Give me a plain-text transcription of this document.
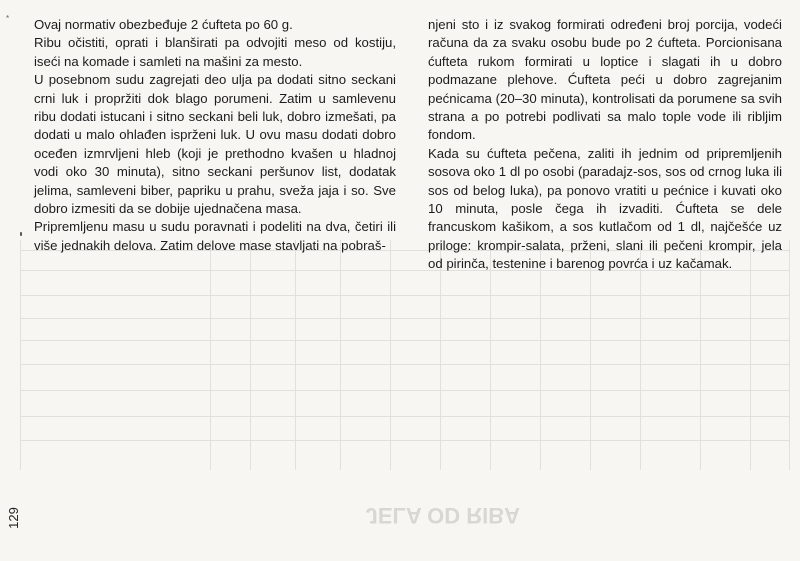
JELA OD RIBA
* Ovaj normativ obezbeđuje 2 ćufteta po 60 g.

Ribu očistiti, oprati i blanširati pa odvojiti meso od kostiju, iseći na komade i samleti na mašini za mesto.

U posebnom sudu zagrejati deo ulja pa dodati sitno seckani crni luk i propržiti dok blago porumeni. Zatim u samlevenu ribu dodati istucani i sitno seckani beli luk, dobro izmešati, pa dodati u malo ohlađen isprženi luk. U ovu masu dodati dobro oceđen izmrvljeni hleb (koji je prethodno kvašen u hladnoj vodi oko 30 minuta), sitno seckani peršunov list, dodatak jelima, samleveni biber, papriku u prahu, sveža jaja i so. Sve dobro izmesiti da se dobije ujednačena masa.

Pripremljenu masu u sudu poravnati i podeliti na dva, četiri ili više jednakih delova. Zatim delove mase stavljati na pobraš-

njeni sto i iz svakog formirati određeni broj porcija, vodeći računa da za svaku osobu bude po 2 ćufteta. Porcionisana ćufteta rukom formirati u loptice i slagati ih u dobro podmazane plehove. Ćufteta peći u dobro zagrejanim pećnicama (20–30 minuta), kontrolisati da porumene sa svih strana a po potrebi podlivati sa malo tople vode ili ribljim fondom.

Kada su ćufteta pečena, zaliti ih jednim od pripremljenih sosova oko 1 dl po osobi (paradajz-sos, sos od crnog luka ili sos od belog luka), pa ponovo vratiti u pećnice i kuvati oko 10 minuta, posle čega ih izvaditi. Ćufteta se dele francuskom kašikom, a sos kutlačom od 1 dl, najčešće uz priloge: krompir-salata, prženi, slani ili pečeni krompir, jela od pirinča, testenine i barenog povrća i uz kačamak.

129
